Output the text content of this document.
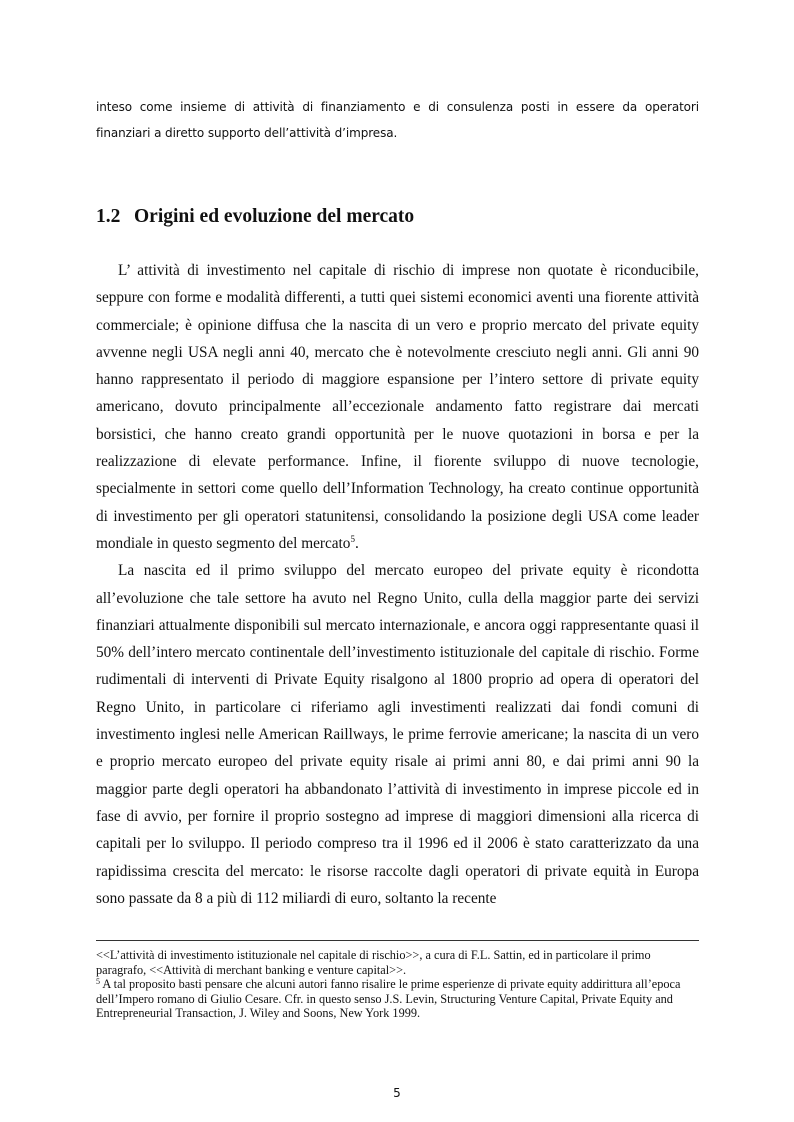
inteso come insieme di attività di finanziamento e di consulenza posti in essere da operatori finanziari a diretto supporto dell’attività d’impresa.
1.2 Origini ed evoluzione del mercato

L’ attività di investimento nel capitale di rischio di imprese non quotate è riconducibile, seppure con forme e modalità differenti, a tutti quei sistemi economici aventi una fiorente attività commerciale; è opinione diffusa che la nascita di un vero e proprio mercato del private equity avvenne negli USA negli anni 40, mercato che è notevolmente cresciuto negli anni. Gli anni 90 hanno rappresentato il periodo di maggiore espansione per l’intero settore di private equity americano, dovuto principalmente all’eccezionale andamento fatto registrare dai mercati borsistici, che hanno creato grandi opportunità per le nuove quotazioni in borsa e per la realizzazione di elevate performance. Infine, il fiorente sviluppo di nuove tecnologie, specialmente in settori come quello dell’Information Technology, ha creato continue opportunità di investimento per gli operatori statunitensi, consolidando la posizione degli USA come leader mondiale in questo segmento del mercato$^5$.

La nascita ed il primo sviluppo del mercato europeo del private equity è ricondotta all’evoluzione che tale settore ha avuto nel Regno Unito, culla della maggior parte dei servizi finanziari attualmente disponibili sul mercato internazionale, e ancora oggi rappresentante quasi il 50% dell’intero mercato continentale dell’investimento istituzionale del capitale di rischio. Forme rudimentali di interventi di Private Equity risalgono al 1800 proprio ad opera di operatori del Regno Unito, in particolare ci riferiamo agli investimenti realizzati dai fondi comuni di investimento inglesi nelle American Raillways, le prime ferrovie americane; la nascita di un vero e proprio mercato europeo del private equity risale ai primi anni 80, e dai primi anni 90 la maggior parte degli operatori ha abbandonato l’attività di investimento in imprese piccole ed in fase di avvio, per fornire il proprio sostegno ad imprese di maggiori dimensioni alla ricerca di capitali per lo sviluppo. Il periodo compreso tra il 1996 ed il 2006 è stato caratterizzato da una rapidissima crescita del mercato: le risorse raccolte dagli operatori di private equità in Europa sono passate da 8 a più di 112 miliardi di euro, soltanto la recente

<<L’attività di investimento istituzionale nel capitale di rischio>>, a cura di F.L. Sattin, ed in particolare il primo paragrafo, <<Attività di merchant banking e venture capital>>.

$^5$ A tal proposito basti pensare che alcuni autori fanno risalire le prime esperienze di private equity addirittura all’epoca dell’Impero romano di Giulio Cesare. Cfr. in questo senso J.S. Levin, Structuring Venture Capital, Private Equity and Entrepreneurial Transaction, J. Wiley and Soons, New York 1999.

5
